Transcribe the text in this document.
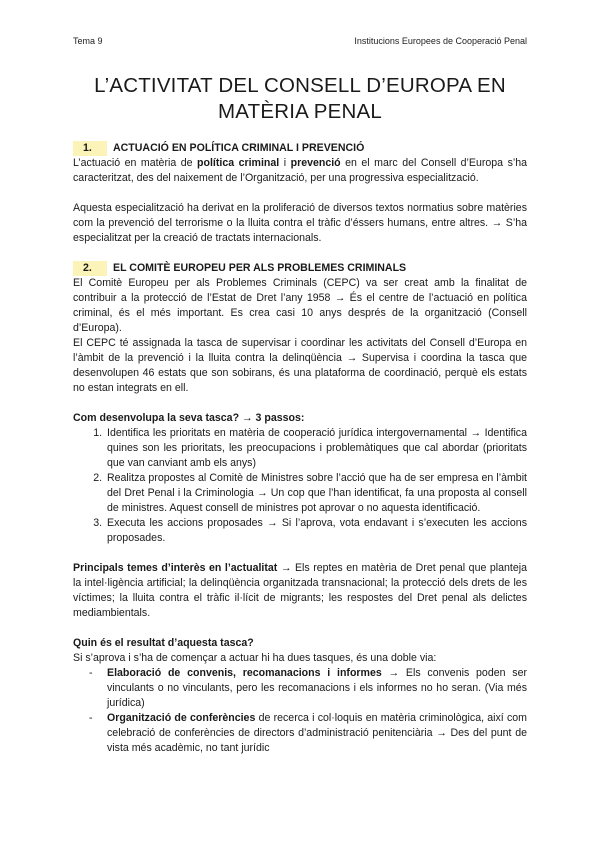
Tema 9	Institucions Europees de Cooperació Penal
L’ACTIVITAT DEL CONSELL D’EUROPA EN
MATÈRIA PENAL
1. ACTUACIÓ EN POLÍTICA CRIMINAL I PREVENCIÓ

L’actuació en matèria de política criminal i prevenció en el marc del Consell d’Europa s’ha caracteritzat, des del naixement de l’Organització, per una progressiva especialització.

Aquesta especialització ha derivat en la proliferació de diversos textos normatius sobre matèries com la prevenció del terrorisme o la lluita contra el tràfic d’éssers humans, entre altres. → S’ha especialitzat per la creació de tractats internacionals.

2. EL COMITÈ EUROPEU PER ALS PROBLEMES CRIMINALS

El Comitè Europeu per als Problemes Criminals (CEPC) va ser creat amb la finalitat de contribuir a la protecció de l’Estat de Dret l’any 1958 → És el centre de l’actuació en política criminal, és el més important. Es crea casi 10 anys després de la organització (Consell d’Europa).

El CEPC té assignada la tasca de supervisar i coordinar les activitats del Consell d’Europa en l’àmbit de la prevenció i la lluita contra la delinqüència → Supervisa i coordina la tasca que desenvolupen 46 estats que son sobirans, és una plataforma de coordinació, perquè els estats no estan integrats en ell.

Com desenvolupa la seva tasca? → 3 passos:

1. Identifica les prioritats en matèria de cooperació jurídica intergovernamental → Identifica quines son les prioritats, les preocupacions i problemàtiques que cal abordar (prioritats que van canviant amb els anys)
2. Realitza propostes al Comitè de Ministres sobre l’acció que ha de ser empresa en l’àmbit del Dret Penal i la Criminologia → Un cop que l’han identificat, fa una proposta al consell de ministres. Aquest consell de ministres pot aprovar o no aquesta identificació.
3. Executa les accions proposades → Si l’aprova, vota endavant i s’executen les accions proposades.

Principals temes d’interès en l’actualitat → Els reptes en matèria de Dret penal que planteja la intel·ligència artificial; la delinqüència organitzada transnacional; la protecció dels drets de les víctimes; la lluita contra el tràfic il·lícit de migrants; les respostes del Dret penal als delictes mediambientals.

Quin és el resultat d’aquesta tasca?

Si s’aprova i s’ha de començar a actuar hi ha dues tasques, és una doble via:

- Elaboració de convenis, recomanacions i informes → Els convenis poden ser vinculants o no vinculants, pero les recomanacions i els informes no ho seran. (Via més jurídica)
- Organització de conferències de recerca i col·loquis en matèria criminològica, així com celebració de conferències de directors d’administració penitenciària → Des del punt de vista més acadèmic, no tant jurídic
